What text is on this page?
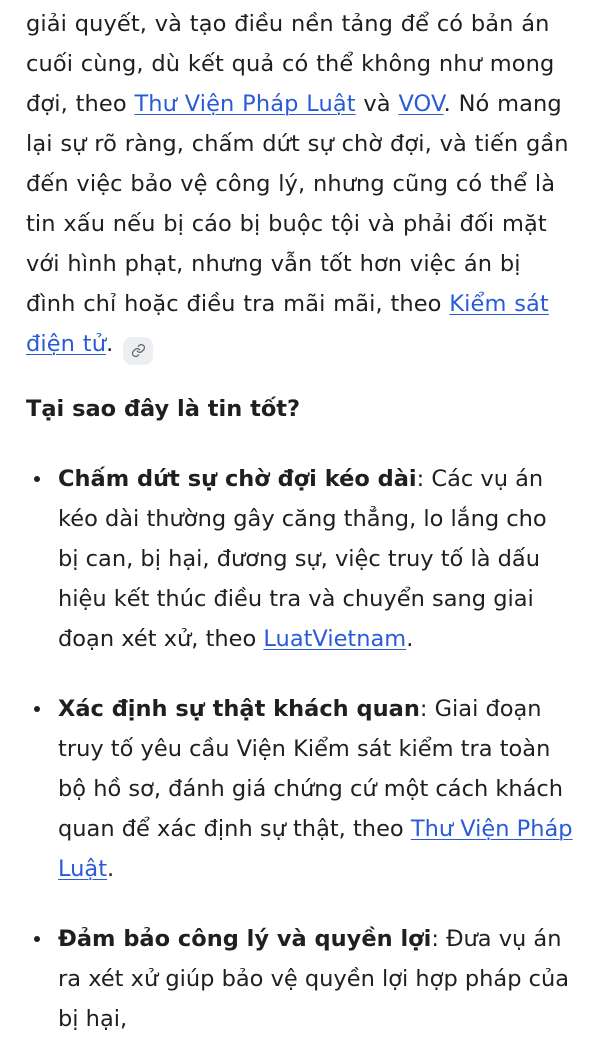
giải quyết, và tạo điều nền tảng để có bản án cuối cùng, dù kết quả có thể không như mong đợi, theo Thư Viện Pháp Luật và VOV. Nó mang lại sự rõ ràng, chấm dứt sự chờ đợi, và tiến gần đến việc bảo vệ công lý, nhưng cũng có thể là tin xấu nếu bị cáo bị buộc tội và phải đối mặt với hình phạt, nhưng vẫn tốt hơn việc án bị đình chỉ hoặc điều tra mãi mãi, theo Kiểm sát điện tử.

Tại sao đây là tin tốt?
Chấm dứt sự chờ đợi kéo dài: Các vụ án kéo dài thường gây căng thẳng, lo lắng cho bị can, bị hại, đương sự, việc truy tố là dấu hiệu kết thúc điều tra và chuyển sang giai đoạn xét xử, theo LuatVietnam.
Xác định sự thật khách quan: Giai đoạn truy tố yêu cầu Viện Kiểm sát kiểm tra toàn bộ hồ sơ, đánh giá chứng cứ một cách khách quan để xác định sự thật, theo Thư Viện Pháp Luật.
Đảm bảo công lý và quyền lợi: Đưa vụ án ra xét xử giúp bảo vệ quyền lợi hợp pháp của bị hại,
